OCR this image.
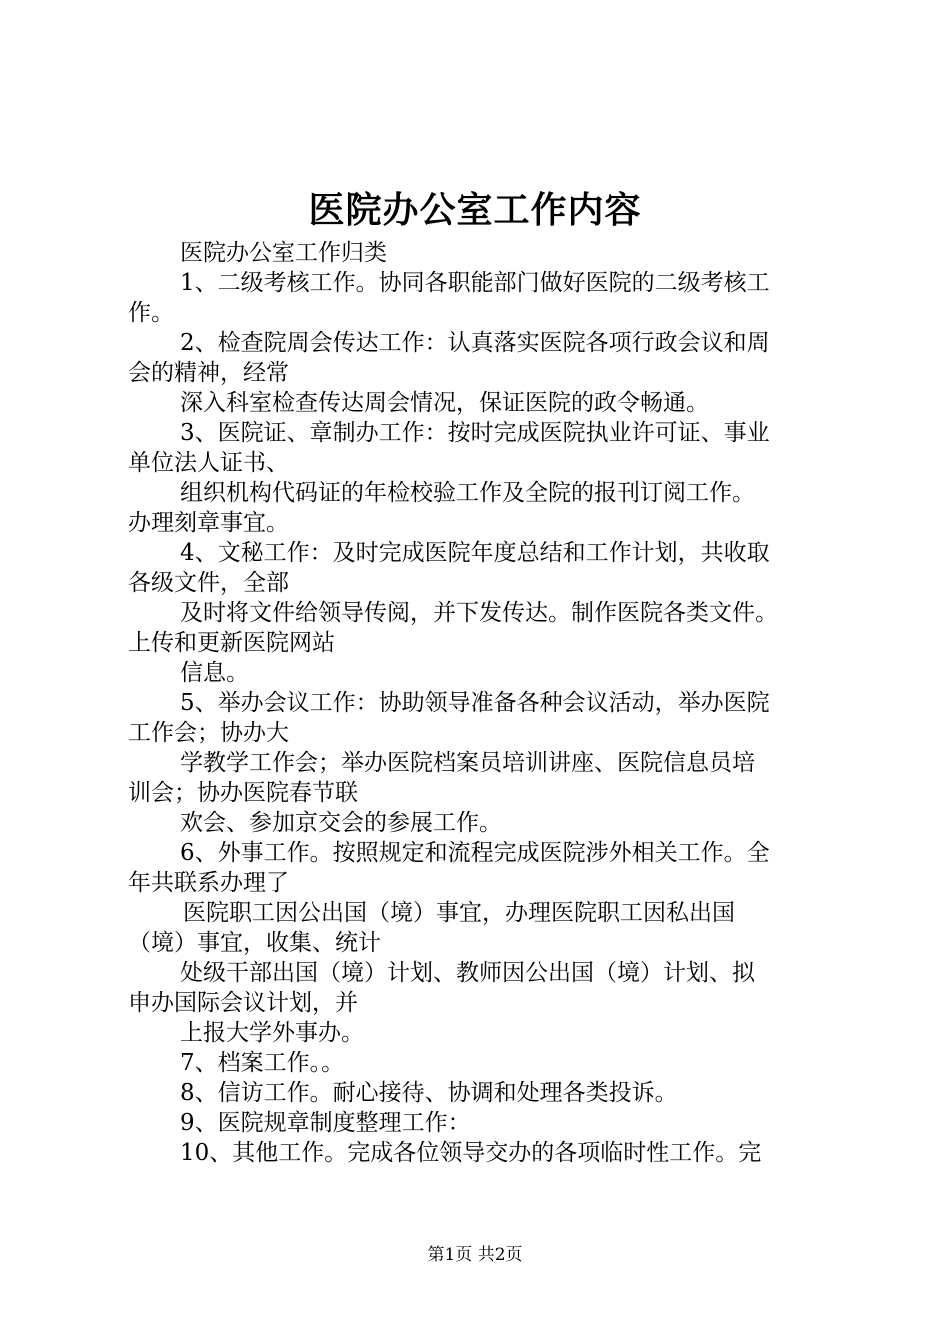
医院办公室工作内容
医院办公室工作归类
1、二级考核工作。协同各职能部门做好医院的二级考核工
作。
2、检查院周会传达工作：认真落实医院各项行政会议和周
会的精神，经常
深入科室检查传达周会情况，保证医院的政令畅通。
3、医院证、章制办工作：按时完成医院执业许可证、事业
单位法人证书、
组织机构代码证的年检校验工作及全院的报刊订阅工作。
办理刻章事宜。
4、文秘工作：及时完成医院年度总结和工作计划，共收取
各级文件，全部
及时将文件给领导传阅，并下发传达。制作医院各类文件。
上传和更新医院网站
信息。
5、举办会议工作：协助领导准备各种会议活动，举办医院
工作会；协办大
学教学工作会；举办医院档案员培训讲座、医院信息员培
训会；协办医院春节联
欢会、参加京交会的参展工作。
6、外事工作。按照规定和流程完成医院涉外相关工作。全
年共联系办理了
医院职工因公出国（境）事宜，办理医院职工因私出国
（境）事宜，收集、统计
处级干部出国（境）计划、教师因公出国（境）计划、拟
申办国际会议计划，并
上报大学外事办。
7、档案工作。。
8、信访工作。耐心接待、协调和处理各类投诉。
9、医院规章制度整理工作：
10、其他工作。完成各位领导交办的各项临时性工作。完
第1页 共2页
